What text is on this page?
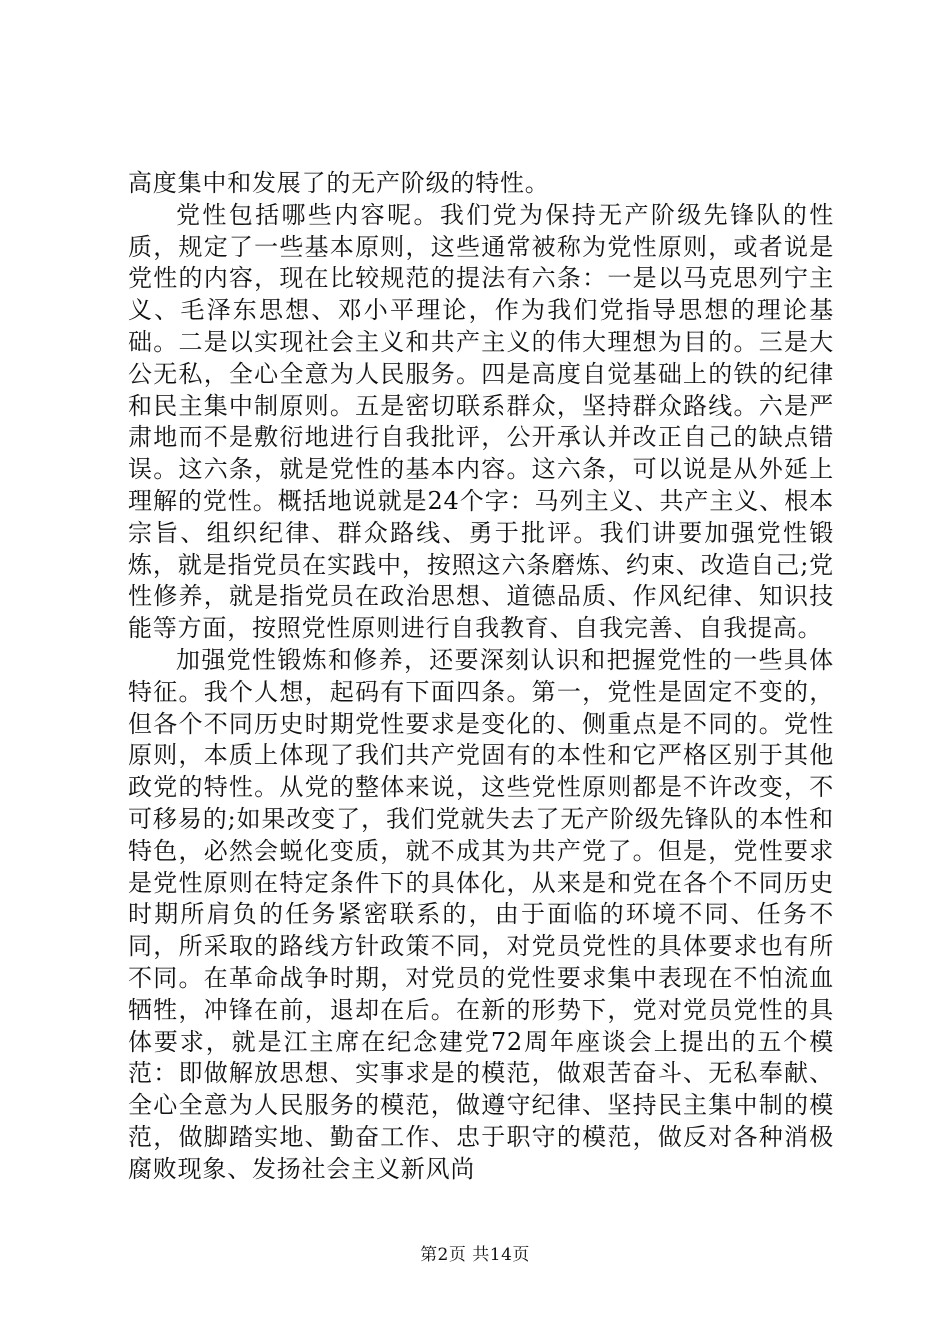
高度集中和发展了的无产阶级的特性。

党性包括哪些内容呢。我们党为保持无产阶级先锋队的性质，规定了一些基本原则，这些通常被称为党性原则，或者说是党性的内容，现在比较规范的提法有六条：一是以马克思列宁主义、毛泽东思想、邓小平理论，作为我们党指导思想的理论基础。二是以实现社会主义和共产主义的伟大理想为目的。三是大公无私，全心全意为人民服务。四是高度自觉基础上的铁的纪律和民主集中制原则。五是密切联系群众，坚持群众路线。六是严肃地而不是敷衍地进行自我批评，公开承认并改正自己的缺点错误。这六条，就是党性的基本内容。这六条，可以说是从外延上理解的党性。概括地说就是24个字：马列主义、共产主义、根本宗旨、组织纪律、群众路线、勇于批评。我们讲要加强党性锻炼，就是指党员在实践中，按照这六条磨炼、约束、改造自己;党性修养，就是指党员在政治思想、道德品质、作风纪律、知识技能等方面，按照党性原则进行自我教育、自我完善、自我提高。

加强党性锻炼和修养，还要深刻认识和把握党性的一些具体特征。我个人想，起码有下面四条。第一，党性是固定不变的，但各个不同历史时期党性要求是变化的、侧重点是不同的。党性原则，本质上体现了我们共产党固有的本性和它严格区别于其他政党的特性。从党的整体来说，这些党性原则都是不许改变，不可移易的;如果改变了，我们党就失去了无产阶级先锋队的本性和特色，必然会蜕化变质，就不成其为共产党了。但是，党性要求是党性原则在特定条件下的具体化，从来是和党在各个不同历史时期所肩负的任务紧密联系的，由于面临的环境不同、任务不同，所采取的路线方针政策不同，对党员党性的具体要求也有所不同。在革命战争时期，对党员的党性要求集中表现在不怕流血牺牲，冲锋在前，退却在后。在新的形势下，党对党员党性的具体要求，就是江主席在纪念建党72周年座谈会上提出的五个模范：即做解放思想、实事求是的模范，做艰苦奋斗、无私奉献、全心全意为人民服务的模范，做遵守纪律、坚持民主集中制的模范，做脚踏实地、勤奋工作、忠于职守的模范，做反对各种消极腐败现象、发扬社会主义新风尚

第2页 共14页
